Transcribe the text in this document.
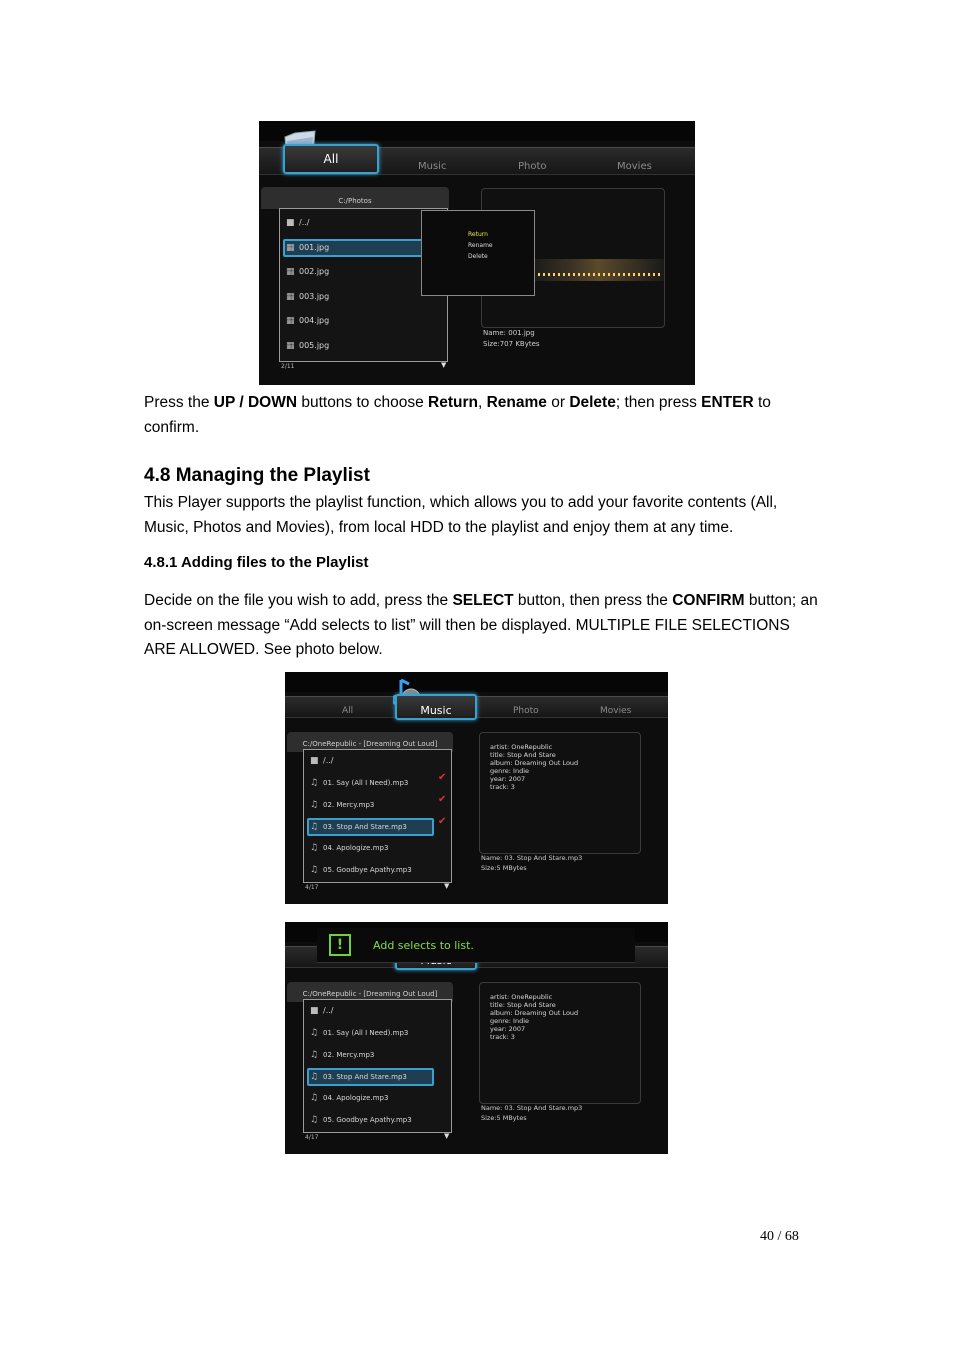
All
Music	Photo	Movies
C:/Photos
■ /../
▦ 001.jpg
▦ 002.jpg
▦ 003.jpg
▦ 004.jpg
▦ 005.jpg
2/11	▼
Name: 001.jpg
Size:707 KBytes
Return
Rename
Delete

Press the UP / DOWN buttons to choose Return, Rename or Delete; then press ENTER to confirm.

4.8 Managing the Playlist

This Player supports the playlist function, which allows you to add your favorite contents (All, Music, Photos and Movies), from local HDD to the playlist and enjoy them at any time.

4.8.1 Adding files to the Playlist

Decide on the file you wish to add, press the SELECT button, then press the CONFIRM button; an on-screen message “Add selects to list” will then be displayed. MULTIPLE FILE SELECTIONS ARE ALLOWED. See photo below.

All	Music	Photo	Movies
C:/OneRepublic - [Dreaming Out Loud]
■ /../
♫ 01. Say (All I Need).mp3
♫ 02. Mercy.mp3
♫ 03. Stop And Stare.mp3
♫ 04. Apologize.mp3
♫ 05. Goodbye Apathy.mp3
✔
✔
✔
4/17	▼
artist: OneRepublic
title: Stop And Stare
album: Dreaming Out Loud
genre: Indie
year: 2007
track: 3
Name: 03. Stop And Stare.mp3
Size:5 MBytes
!	Add selects to list.
C:/OneRepublic - [Dreaming Out Loud]
■ /../
♫ 01. Say (All I Need).mp3
♫ 02. Mercy.mp3
♫ 03. Stop And Stare.mp3
♫ 04. Apologize.mp3
♫ 05. Goodbye Apathy.mp3
4/17	▼
artist: OneRepublic
title: Stop And Stare
album: Dreaming Out Loud
genre: Indie
year: 2007
track: 3
Name: 03. Stop And Stare.mp3
Size:5 MBytes
40 / 68
